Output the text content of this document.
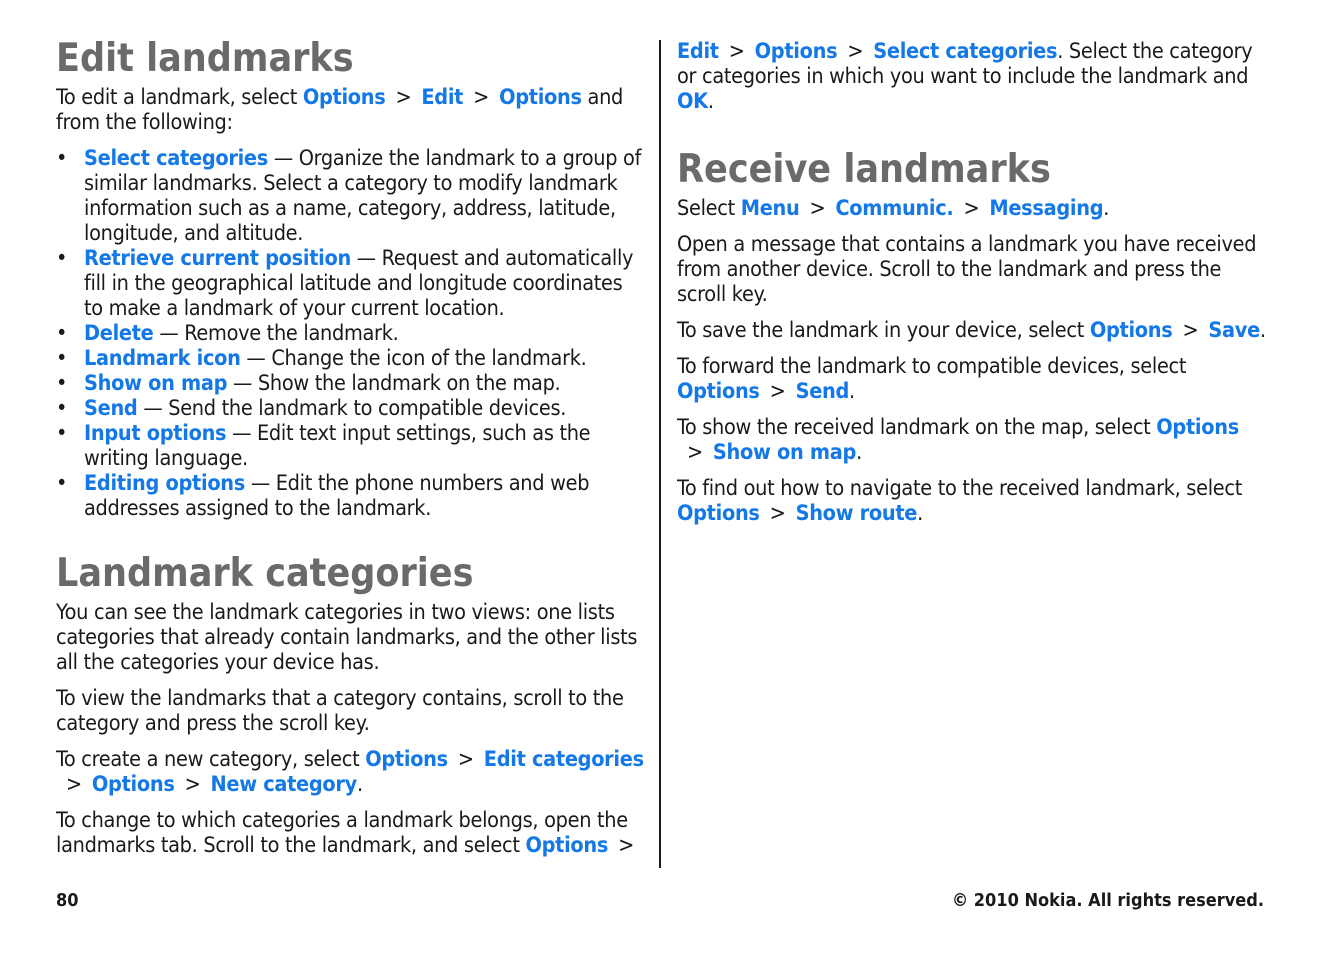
Edit landmarks

To edit a landmark, select Options > Edit > Options and from the following:

• Select categories — Organize the landmark to a group of similar landmarks. Select a category to modify landmark information such as a name, category, address, latitude, longitude, and altitude.
• Retrieve current position — Request and automatically fill in the geographical latitude and longitude coordinates to make a landmark of your current location.
• Delete — Remove the landmark.
• Landmark icon — Change the icon of the landmark.
• Show on map — Show the landmark on the map.
• Send — Send the landmark to compatible devices.
• Input options — Edit text input settings, such as the writing language.
• Editing options — Edit the phone numbers and web addresses assigned to the landmark.
Landmark categories

You can see the landmark categories in two views: one lists categories that already contain landmarks, and the other lists all the categories your device has.

To view the landmarks that a category contains, scroll to the category and press the scroll key.

To create a new category, select Options > Edit categories> Options > New category.

To change to which categories a landmark belongs, open the landmarks tab. Scroll to the landmark, and select Options >

Edit > Options > Select categories. Select the category or categories in which you want to include the landmark and OK.

Receive landmarks

Select Menu > Communic. > Messaging.

Open a message that contains a landmark you have received from another device. Scroll to the landmark and press the scroll key.

To save the landmark in your device, select Options > Save.

To forward the landmark to compatible devices, select Options > Send.

To show the received landmark on the map, select Options> Show on map.

To find out how to navigate to the received landmark, select Options > Show route.

80	© 2010 Nokia. All rights reserved.
